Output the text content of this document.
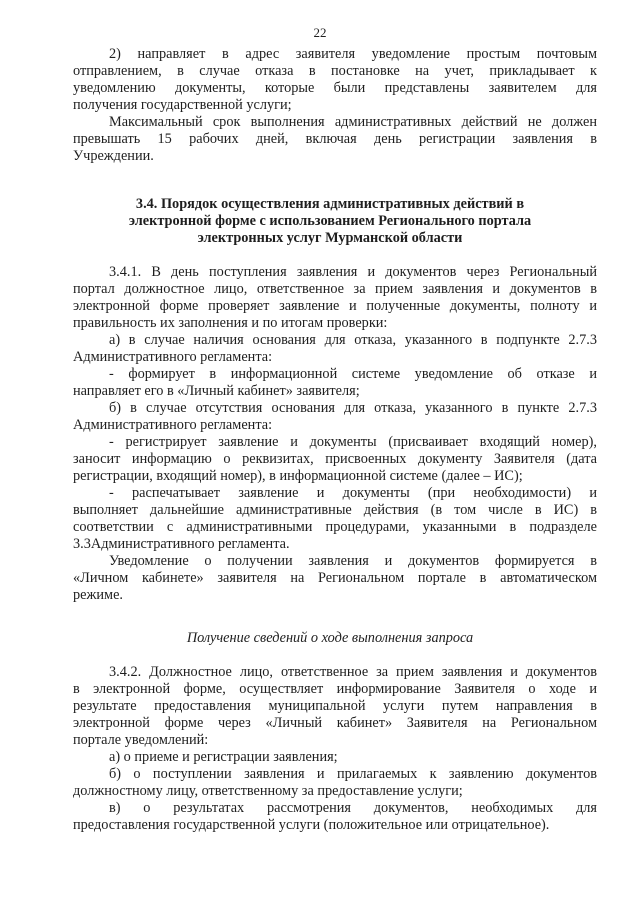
22
2) направляет в адрес заявителя уведомление простым почтовым
отправлением, в случае отказа в постановке на учет, прикладывает к
уведомлению документы, которые были представлены заявителем для
получения государственной услуги;
Максимальный срок выполнения административных действий не должен
превышать 15 рабочих дней, включая день регистрации заявления в
Учреждении.
3.4. Порядок осуществления административных действий в
электронной форме с использованием Регионального портала
электронных услуг Мурманской области
3.4.1. В день поступления заявления и документов через Региональный
портал должностное лицо, ответственное за прием заявления и документов в
электронной форме проверяет заявление и полученные документы, полноту и
правильность их заполнения и по итогам проверки:
а) в случае наличия основания для отказа, указанного в подпункте 2.7.3
Административного регламента:
- формирует в информационной системе уведомление об отказе и
направляет его в «Личный кабинет» заявителя;
б) в случае отсутствия основания для отказа, указанного в пункте 2.7.3
Административного регламента:
- регистрирует заявление и документы (присваивает входящий номер),
заносит информацию о реквизитах, присвоенных документу Заявителя (дата
регистрации, входящий номер), в информационной системе (далее – ИС);
- распечатывает заявление и документы (при необходимости) и
выполняет дальнейшие административные действия (в том числе в ИС) в
соответствии с административными процедурами, указанными в подразделе
3.3Административного регламента.
Уведомление о получении заявления и документов формируется в
«Личном кабинете» заявителя на Региональном портале в автоматическом
режиме.
Получение сведений о ходе выполнения запроса
3.4.2. Должностное лицо, ответственное за прием заявления и документов
в электронной форме, осуществляет информирование Заявителя о ходе и
результате предоставления муниципальной услуги путем направления в
электронной форме через «Личный кабинет» Заявителя на Региональном
портале уведомлений:
а) о приеме и регистрации заявления;
б) о поступлении заявления и прилагаемых к заявлению документов
должностному лицу, ответственному за предоставление услуги;
в) о результатах рассмотрения документов, необходимых для
предоставления государственной услуги (положительное или отрицательное).
